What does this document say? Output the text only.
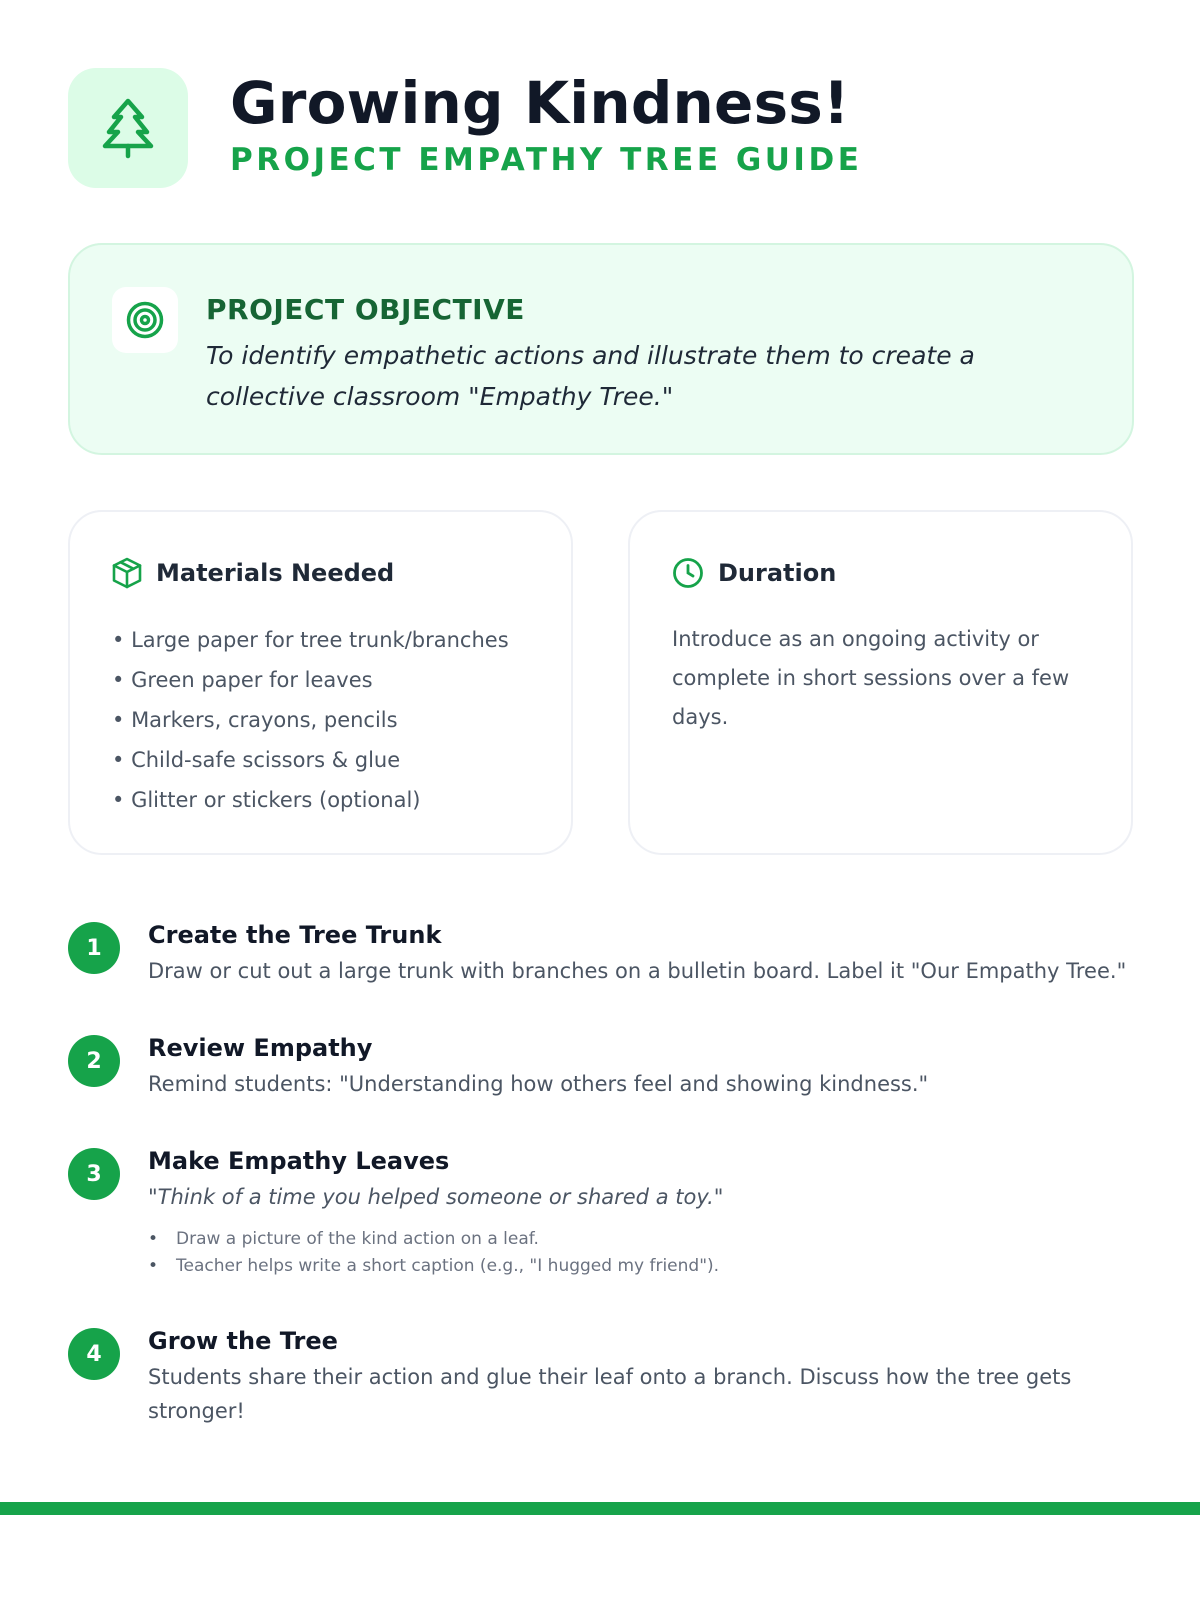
Growing Kindness!
PROJECT EMPATHY TREE GUIDE
PROJECT OBJECTIVE
To identify empathetic actions and illustrate them to create a collective classroom "Empathy Tree."
Materials Needed
• Large paper for tree trunk/branches
• Green paper for leaves
• Markers, crayons, pencils
• Child-safe scissors & glue
• Glitter or stickers (optional)
Duration
Introduce as an ongoing activity or complete in short sessions over a few days.
1	Create the Tree Trunk
Draw or cut out a large trunk with branches on a bulletin board. Label it "Our Empathy Tree."
2	Review Empathy
Remind students: "Understanding how others feel and showing kindness."
3	Make Empathy Leaves
"Think of a time you helped someone or shared a toy."
• Draw a picture of the kind action on a leaf.
• Teacher helps write a short caption (e.g., "I hugged my friend").
4	Grow the Tree
Students share their action and glue their leaf onto a branch. Discuss how the tree gets stronger!
